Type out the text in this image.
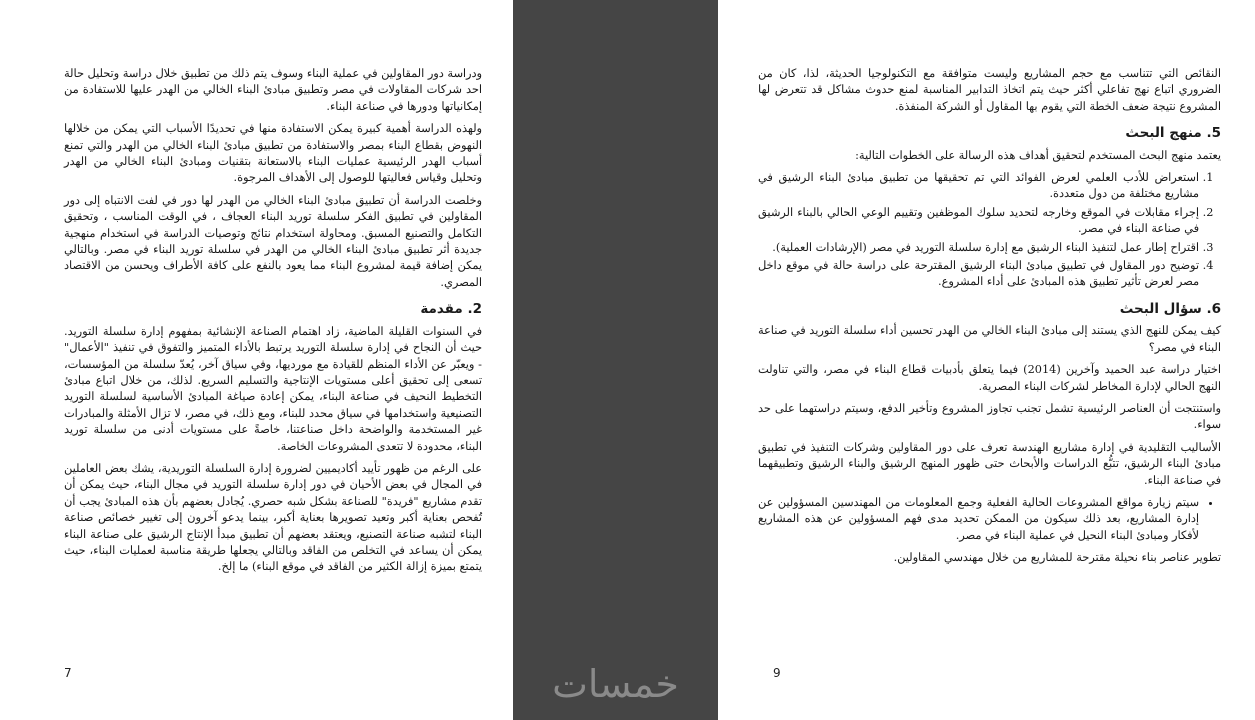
ودراسة دور المقاولين في عملية البناء وسوف يتم ذلك من تطبيق خلال دراسة وتحليل حالة احد شركات المقاولات في مصر وتطبيق مبادئ البناء الخالي من الهدر عليها للاستفادة من إمكانياتها ودورها في صناعة البناء.

ولهذه الدراسة أهمية كبيرة يمكن الاستفادة منها في تحديدًا الأسباب التي يمكن من خلالها النهوض بقطاع البناء بمصر والاستفادة من تطبيق مبادئ البناء الخالي من الهدر والتي تمنع أسباب الهدر الرئيسية عمليات البناء بالاستعانة بتقنيات ومبادئ البناء الخالي من الهدر وتحليل وقياس فعاليتها للوصول إلى الأهداف المرجوة.

وخلصت الدراسة أن تطبيق مبادئ البناء الخالي من الهدر لها دور في لفت الانتباه إلى دور المقاولين في تطبيق الفكر سلسلة توريد البناء العجاف ، في الوقت المناسب ، وتحقيق التكامل والتصنيع المسبق. ومحاولة استخدام نتائج وتوصيات الدراسة في استخدام منهجية جديدة أثر تطبيق مبادئ البناء الخالي من الهدر في سلسلة توريد البناء في مصر. وبالتالي يمكن إضافة قيمة لمشروع البناء مما يعود بالنفع على كافة الأطراف ويحسن من الاقتصاد المصري.

2. مقدمة

في السنوات القليلة الماضية، زاد اهتمام الصناعة الإنشائية بمفهوم إدارة سلسلة التوريد. حيث أن النجاح في إدارة سلسلة التوريد يرتبط بالأداء المتميز والتفوق في تنفيذ "الأعمال" - ويعبّر عن الأداء المنظم للقيادة مع مورديها، وفي سياق آخر، يُعدّ سلسلة من المؤسسات، تسعى إلى تحقيق أعلى مستويات الإنتاجية والتسليم السريع. لذلك، من خلال اتباع مبادئ التخطيط النحيف في صناعة البناء، يمكن إعادة صياغة المبادئ الأساسية لسلسلة التوريد التصنيعية واستخدامها في سياق محدد للبناء، ومع ذلك، في مصر، لا تزال الأمثلة والمبادرات غير المستخدمة والواضحة داخل صناعتنا، خاصةً على مستويات أدنى من سلسلة توريد البناء، محدودة لا تتعدى المشروعات الخاصة.

على الرغم من ظهور تأييد أكاديميين لضرورة إدارة السلسلة التوريدية، يشك بعض العاملين في المجال في بعض الأحيان في دور إدارة سلسلة التوريد في مجال البناء، حيث يمكن أن تقدم مشاريع "فريدة" للصناعة بشكل شبه حصري. يُجادل بعضهم بأن هذه المبادئ يجب أن تُفحص بعناية أكبر وتعيد تصويرها بعناية أكبر، بينما يدعو آخرون إلى تغيير خصائص صناعة البناء لتشبه صناعة التصنيع، ويعتقد بعضهم أن تطبيق مبدأ الإنتاج الرشيق على صناعة البناء يمكن أن يساعد في التخلص من الفاقد وبالتالي يجعلها طريقة مناسبة لعمليات البناء، حيث يتمتع بميزة إزالة الكثير من الفاقد في موقع البناء) ما إلخ.

7	خمسات

النقائص التي تتناسب مع حجم المشاريع وليست متوافقة مع التكنولوجيا الحديثة، لذا، كان من الضروري اتباع نهج تفاعلي أكثر حيث يتم اتخاذ التدابير المناسبة لمنع حدوث مشاكل قد تتعرض لها المشروع نتيجة ضعف الخطة التي يقوم بها المقاول أو الشركة المنفذة.

5. منهج البحث

يعتمد منهج البحث المستخدم لتحقيق أهداف هذه الرسالة على الخطوات التالية:

1. استعراض للأدب العلمي لعرض الفوائد التي تم تحقيقها من تطبيق مبادئ البناء الرشيق في مشاريع مختلفة من دول متعددة.
2. إجراء مقابلات في الموقع وخارجه لتحديد سلوك الموظفين وتقييم الوعي الحالي بالبناء الرشيق في صناعة البناء في مصر.
3. اقتراح إطار عمل لتنفيذ البناء الرشيق مع إدارة سلسلة التوريد في مصر (الإرشادات العملية).
4. توضيح دور المقاول في تطبيق مبادئ البناء الرشيق المقترحة على دراسة حالة في موقع داخل مصر لعرض تأثير تطبيق هذه المبادئ على أداء المشروع.
6. سؤال البحث

كيف يمكن للنهج الذي يستند إلى مبادئ البناء الخالي من الهدر تحسين أداء سلسلة التوريد في صناعة البناء في مصر؟

اختيار دراسة عبد الحميد وآخرين (2014) فيما يتعلق بأدبيات قطاع البناء في مصر، والتي تناولت النهج الحالي لإدارة المخاطر لشركات البناء المصرية.

واستنتجت أن العناصر الرئيسية تشمل تجنب تجاوز المشروع وتأخير الدفع، وسيتم دراستهما على حد سواء.

الأساليب التقليدية في إدارة مشاريع الهندسة تعرف على دور المقاولين وشركات التنفيذ في تطبيق مبادئ البناء الرشيق، تتبُّع الدراسات والأبحاث حتى ظهور المنهج الرشيق والبناء الرشيق وتطبيقهما في صناعة البناء.

• سيتم زيارة مواقع المشروعات الحالية الفعلية وجمع المعلومات من المهندسين المسؤولين عن إدارة المشاريع، بعد ذلك سيكون من الممكن تحديد مدى فهم المسؤولين عن هذه المشاريع لأفكار ومبادئ البناء النحيل في عملية البناء في مصر.

تطوير عناصر بناء نحيلة مقترحة للمشاريع من خلال مهندسي المقاولين.

9
